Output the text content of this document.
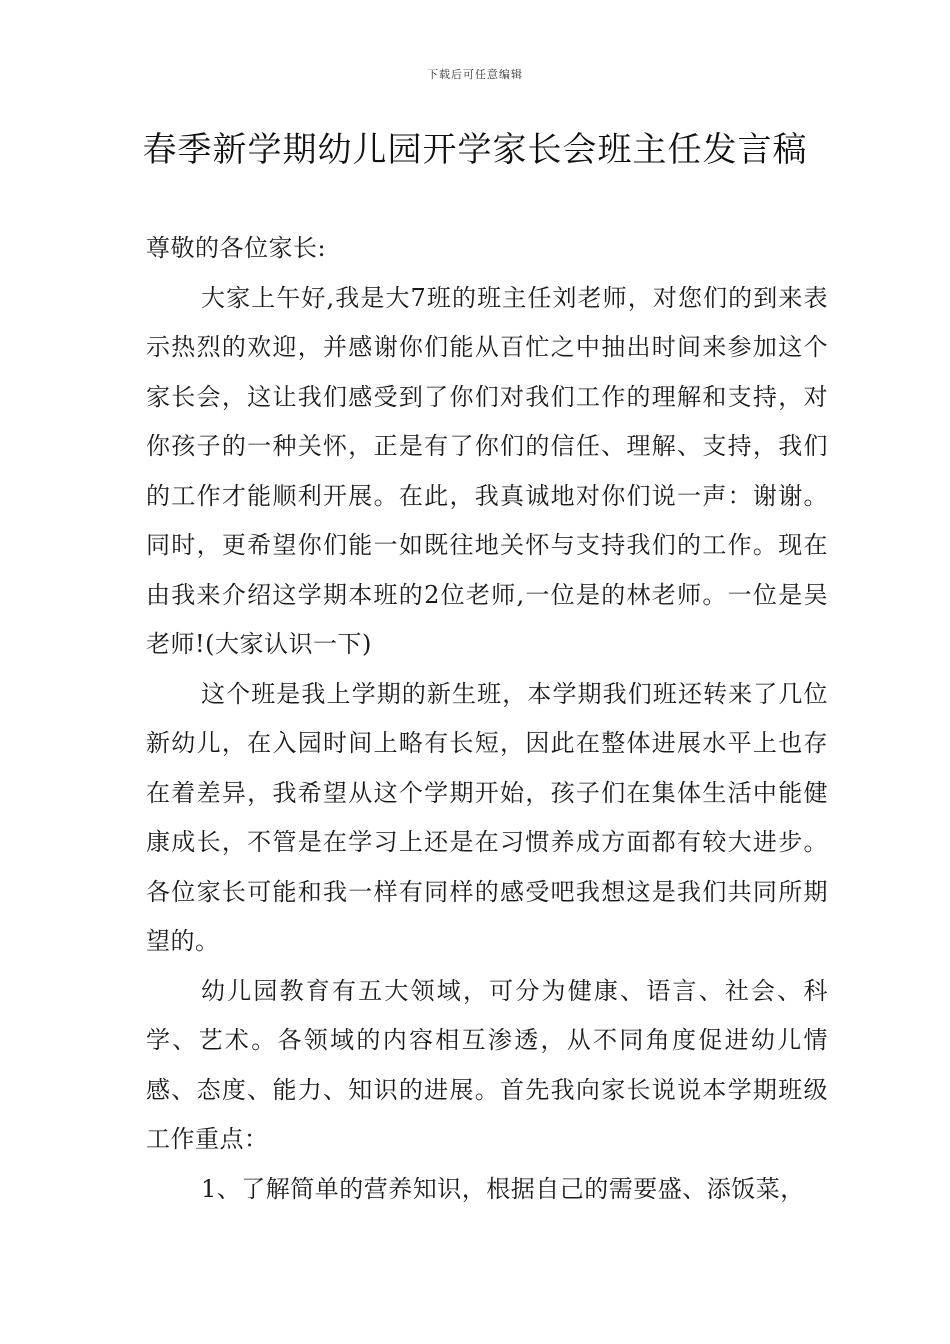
下载后可任意编辑
春季新学期幼儿园开学家长会班主任发言稿

尊敬的各位家长:

大家上午好,我是大7班的班主任刘老师，对您们的到来表示热烈的欢迎，并感谢你们能从百忙之中抽出时间来参加这个家长会，这让我们感受到了你们对我们工作的理解和支持，对你孩子的一种关怀，正是有了你们的信任、理解、支持，我们的工作才能顺利开展。在此，我真诚地对你们说一声：谢谢。同时，更希望你们能一如既往地关怀与支持我们的工作。现在由我来介绍这学期本班的2位老师,一位是的林老师。一位是吴老师!(大家认识一下)

这个班是我上学期的新生班，本学期我们班还转来了几位新幼儿，在入园时间上略有长短，因此在整体进展水平上也存在着差异，我希望从这个学期开始，孩子们在集体生活中能健康成长，不管是在学习上还是在习惯养成方面都有较大进步。各位家长可能和我一样有同样的感受吧我想这是我们共同所期望的。

幼儿园教育有五大领域，可分为健康、语言、社会、科学、艺术。各领域的内容相互渗透，从不同角度促进幼儿情感、态度、能力、知识的进展。首先我向家长说说本学期班级工作重点：

1、了解简单的营养知识，根据自己的需要盛、添饭菜，
